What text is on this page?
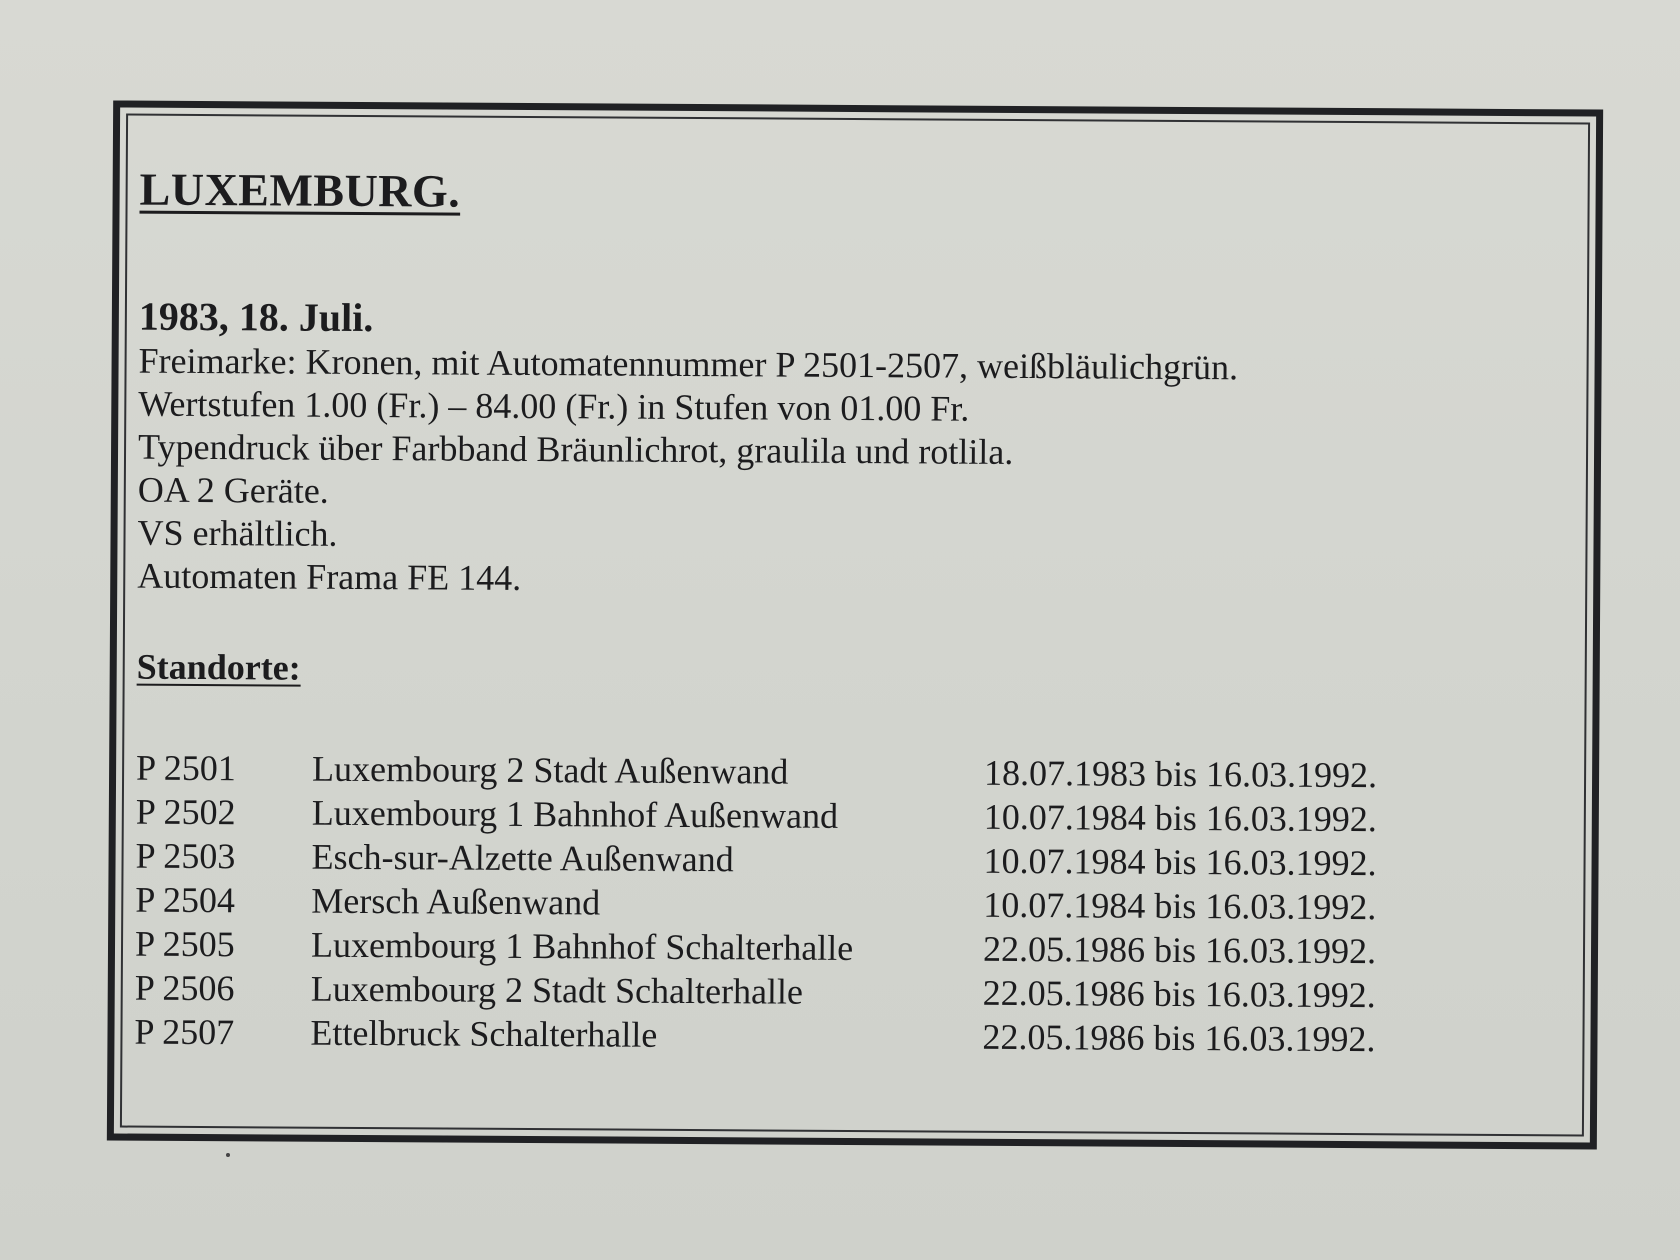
LUXEMBURG.
1983, 18. Juli.

Freimarke: Kronen, mit Automatennummer P 2501-2507, weißbläulichgrün.

Wertstufen 1.00 (Fr.) – 84.00 (Fr.) in Stufen von 01.00 Fr.

Typendruck über Farbband Bräunlichrot, graulila und rotlila.

OA 2 Geräte.

VS erhältlich.

Automaten Frama FE 144.

Standorte:
P 2501	Luxembourg 2 Stadt Außenwand	18.07.1983 bis 16.03.1992.
P 2502	Luxembourg 1 Bahnhof Außenwand	10.07.1984 bis 16.03.1992.
P 2503	Esch-sur-Alzette Außenwand	10.07.1984 bis 16.03.1992.
P 2504	Mersch Außenwand	10.07.1984 bis 16.03.1992.
P 2505	Luxembourg 1 Bahnhof Schalterhalle	22.05.1986 bis 16.03.1992.
P 2506	Luxembourg 2 Stadt Schalterhalle	22.05.1986 bis 16.03.1992.
P 2507	Ettelbruck Schalterhalle	22.05.1986 bis 16.03.1992.
